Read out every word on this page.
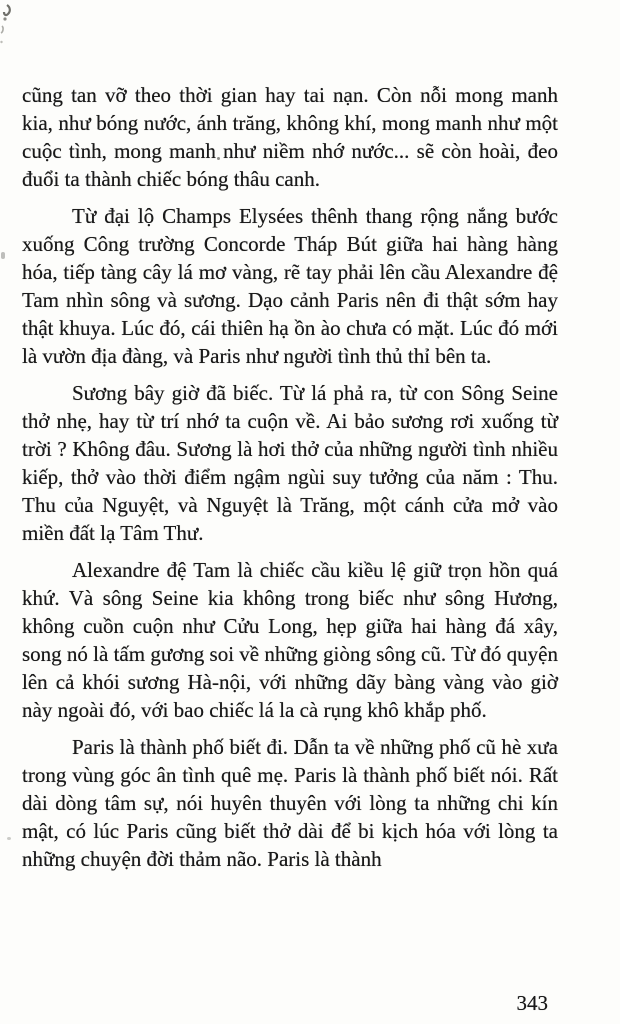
cũng tan vỡ theo thời gian hay tai nạn. Còn nỗi mong manh kia, như bóng nước, ánh trăng, không khí, mong manh như một cuộc tình, mong manh như niềm nhớ nước... sẽ còn hoài, đeo đuổi ta thành chiếc bóng thâu canh.

Từ đại lộ Champs Elysées thênh thang rộng nắng bước xuống Công trường Concorde Tháp Bút giữa hai hàng hàng hóa, tiếp tàng cây lá mơ vàng, rẽ tay phải lên cầu Alexandre đệ Tam nhìn sông và sương. Dạo cảnh Paris nên đi thật sớm hay thật khuya. Lúc đó, cái thiên hạ ồn ào chưa có mặt. Lúc đó mới là vườn địa đàng, và Paris như người tình thủ thỉ bên ta.

Sương bây giờ đã biếc. Từ lá phả ra, từ con Sông Seine thở nhẹ, hay từ trí nhớ ta cuộn về. Ai bảo sương rơi xuống từ trời ? Không đâu. Sương là hơi thở của những người tình nhiều kiếp, thở vào thời điểm ngậm ngùi suy tưởng của năm : Thu. Thu của Nguyệt, và Nguyệt là Trăng, một cánh cửa mở vào miền đất lạ Tâm Thư.

Alexandre đệ Tam là chiếc cầu kiều lệ giữ trọn hồn quá khứ. Và sông Seine kia không trong biếc như sông Hương, không cuồn cuộn như Cửu Long, hẹp giữa hai hàng đá xây, song nó là tấm gương soi về những giòng sông cũ. Từ đó quyện lên cả khói sương Hà-nội, với những dãy bàng vàng vào giờ này ngoài đó, với bao chiếc lá la cà rụng khô khắp phố.

Paris là thành phố biết đi. Dẫn ta về những phố cũ hè xưa trong vùng góc ân tình quê mẹ. Paris là thành phố biết nói. Rất dài dòng tâm sự, nói huyên thuyên với lòng ta những chi kín mật, có lúc Paris cũng biết thở dài để bi kịch hóa với lòng ta những chuyện đời thảm não. Paris là thành

343
